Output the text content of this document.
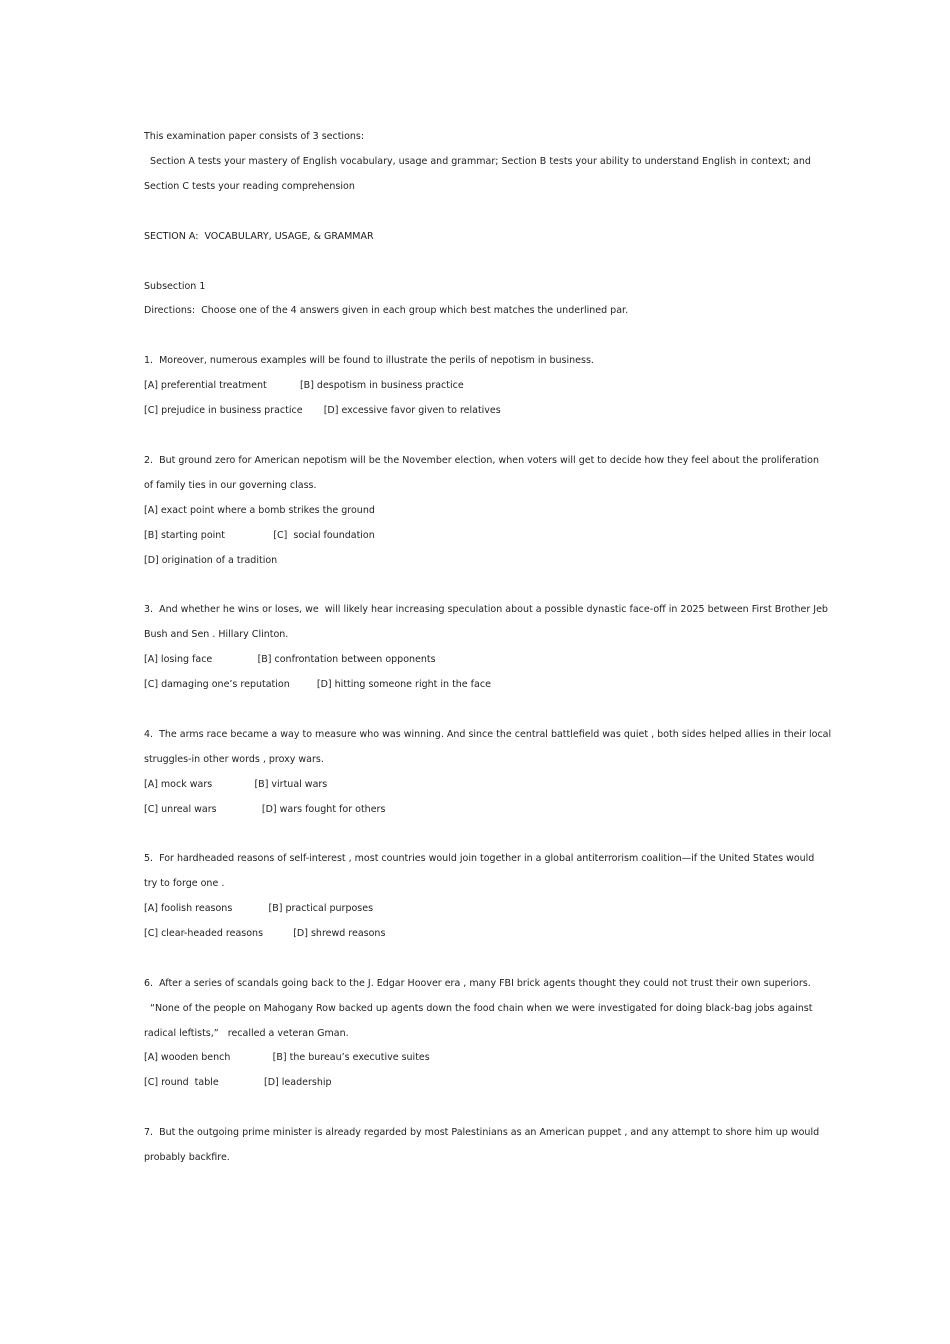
This examination paper consists of 3 sections:
Section A tests your mastery of English vocabulary, usage and grammar; Section B tests your ability to understand English in context; and
Section C tests your reading comprehension
SECTION A:  VOCABULARY, USAGE, & GRAMMAR
Subsection 1
Directions:  Choose one of the 4 answers given in each group which best matches the underlined par.
1.  Moreover, numerous examples will be found to illustrate the perils of nepotism in business.
[A] preferential treatment           [B] despotism in business practice
[C] prejudice in business practice       [D] excessive favor given to relatives
2.  But ground zero for American nepotism will be the November election, when voters will get to decide how they feel about the proliferation
of family ties in our governing class.
[A] exact point where a bomb strikes the ground
[B] starting point                [C]  social foundation
[D] origination of a tradition
3.  And whether he wins or loses, we  will likely hear increasing speculation about a possible dynastic face-off in 2025 between First Brother Jeb
Bush and Sen . Hillary Clinton.
[A] losing face               [B] confrontation between opponents
[C] damaging one’s reputation         [D] hitting someone right in the face
4.  The arms race became a way to measure who was winning. And since the central battlefield was quiet , both sides helped allies in their local
struggles-in other words , proxy wars.
[A] mock wars              [B] virtual wars
[C] unreal wars               [D] wars fought for others
5.  For hardheaded reasons of self-interest , most countries would join together in a global antiterrorism coalition—if the United States would
try to forge one .
[A] foolish reasons            [B] practical purposes
[C] clear-headed reasons          [D] shrewd reasons
6.  After a series of scandals going back to the J. Edgar Hoover era , many FBI brick agents thought they could not trust their own superiors.
“None of the people on Mahogany Row backed up agents down the food chain when we were investigated for doing black-bag jobs against
radical leftists,”   recalled a veteran Gman.
[A] wooden bench              [B] the bureau’s executive suites
[C] round  table               [D] leadership
7.  But the outgoing prime minister is already regarded by most Palestinians as an American puppet , and any attempt to shore him up would
probably backfire.
